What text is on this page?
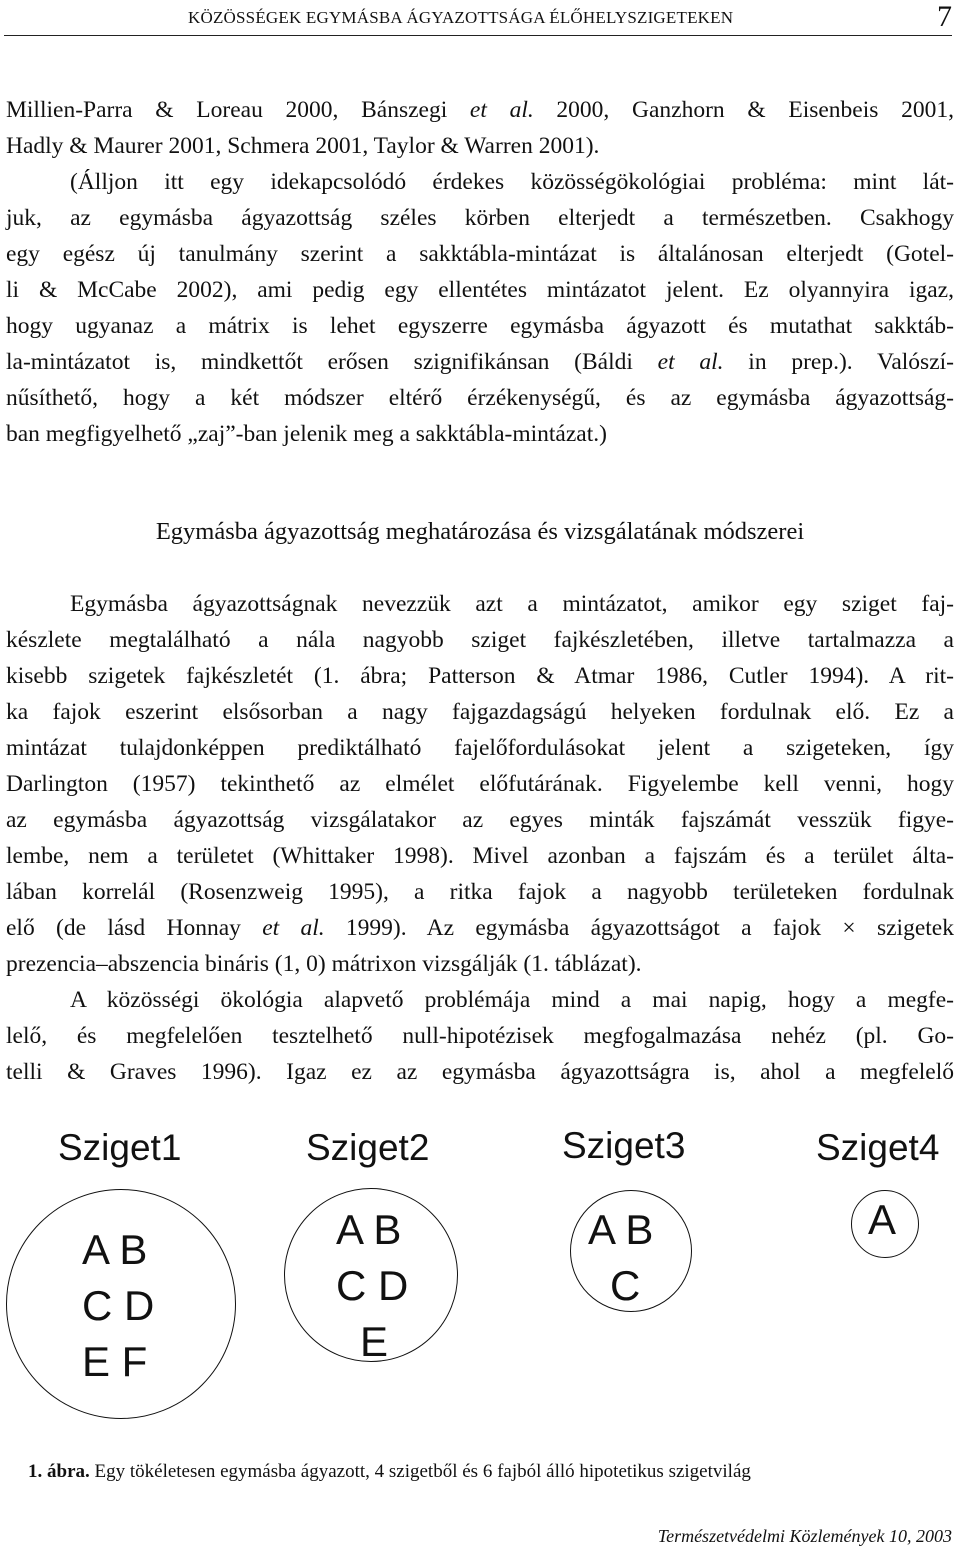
KÖZÖSSÉGEK EGYMÁSBA ÁGYAZOTTSÁGA ÉLŐHELYSZIGETEKEN	7
Millien-Parra & Loreau 2000, Bánszegi et al. 2000, Ganzhorn & Eisenbeis 2001,
Hadly & Maurer 2001, Schmera 2001, Taylor & Warren 2001).
(Álljon itt egy idekapcsolódó érdekes közösségökológiai probléma: mint lát-
juk, az egymásba ágyazottság széles körben elterjedt a természetben. Csakhogy
egy egész új tanulmány szerint a sakktábla-mintázat is általánosan elterjedt (Gotel-
li & McCabe 2002), ami pedig egy ellentétes mintázatot jelent. Ez olyannyira igaz,
hogy ugyanaz a mátrix is lehet egyszerre egymásba ágyazott és mutathat sakktáb-
la-mintázatot is, mindkettőt erősen szignifikánsan (Báldi et al. in prep.). Valószí-
nűsíthető, hogy a két módszer eltérő érzékenységű, és az egymásba ágyazottság-
ban megfigyelhető „zaj”-ban jelenik meg a sakktábla-mintázat.)
Egymásba ágyazottság meghatározása és vizsgálatának módszerei
Egymásba ágyazottságnak nevezzük azt a mintázatot, amikor egy sziget faj-
készlete megtalálható a nála nagyobb sziget fajkészletében, illetve tartalmazza a
kisebb szigetek fajkészletét (1. ábra; Patterson & Atmar 1986, Cutler 1994). A rit-
ka fajok eszerint elsősorban a nagy fajgazdagságú helyeken fordulnak elő. Ez a
mintázat tulajdonképpen prediktálható fajelőfordulásokat jelent a szigeteken, így
Darlington (1957) tekinthető az elmélet előfutárának. Figyelembe kell venni, hogy
az egymásba ágyazottság vizsgálatakor az egyes minták fajszámát vesszük figye-
lembe, nem a területet (Whittaker 1998). Mivel azonban a fajszám és a terület álta-
lában korrelál (Rosenzweig 1995), a ritka fajok a nagyobb területeken fordulnak
elő (de lásd Honnay et al. 1999). Az egymásba ágyazottságot a fajok × szigetek
prezencia–abszencia bináris (1, 0) mátrixon vizsgálják (1. táblázat).
A közösségi ökológia alapvető problémája mind a mai napig, hogy a megfe-
lelő, és megfelelően tesztelhető null-hipotézisek megfogalmazása nehéz (pl. Go-
telli & Graves 1996). Igaz ez az egymásba ágyazottságra is, ahol a megfelelő
Sziget1	Sziget2	Sziget3	Sziget4
A B
C D
E F
A B
C D
E
A B
C
A
1. ábra. Egy tökéletesen egymásba ágyazott, 4 szigetből és 6 fajból álló hipotetikus szigetvilág
Természetvédelmi Közlemények 10, 2003
